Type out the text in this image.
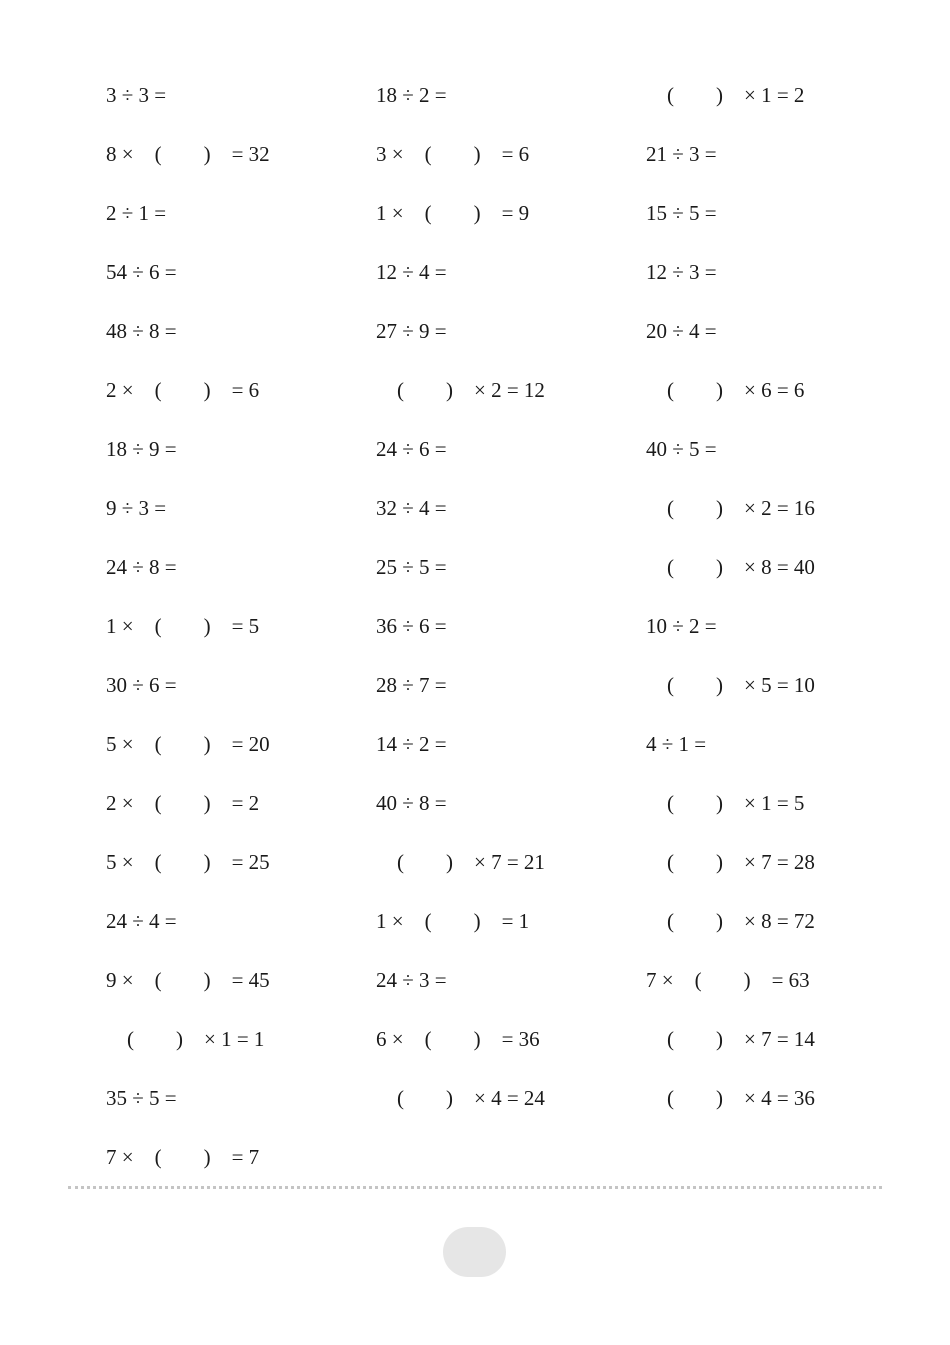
3 ÷ 3 =
8 ×　(　　)　= 32
2 ÷ 1 =
54 ÷ 6 =
48 ÷ 8 =
2 ×　(　　)　= 6
18 ÷ 9 =
9 ÷ 3 =
24 ÷ 8 =
1 ×　(　　)　= 5
30 ÷ 6 =
5 ×　(　　)　= 20
2 ×　(　　)　= 2
5 ×　(　　)　= 25
24 ÷ 4 =
9 ×　(　　)　= 45
　(　　)　× 1 = 1
35 ÷ 5 =
7 ×　(　　)　= 7
18 ÷ 2 =
3 ×　(　　)　= 6
1 ×　(　　)　= 9
12 ÷ 4 =
27 ÷ 9 =
　(　　)　× 2 = 12
24 ÷ 6 =
32 ÷ 4 =
25 ÷ 5 =
36 ÷ 6 =
28 ÷ 7 =
14 ÷ 2 =
40 ÷ 8 =
　(　　)　× 7 = 21
1 ×　(　　)　= 1
24 ÷ 3 =
6 ×　(　　)　= 36
　(　　)　× 4 = 24
　(　　)　× 1 = 2
21 ÷ 3 =
15 ÷ 5 =
12 ÷ 3 =
20 ÷ 4 =
　(　　)　× 6 = 6
40 ÷ 5 =
　(　　)　× 2 = 16
　(　　)　× 8 = 40
10 ÷ 2 =
　(　　)　× 5 = 10
4 ÷ 1 =
　(　　)　× 1 = 5
　(　　)　× 7 = 28
　(　　)　× 8 = 72
7 ×　(　　)　= 63
　(　　)　× 7 = 14
　(　　)　× 4 = 36
